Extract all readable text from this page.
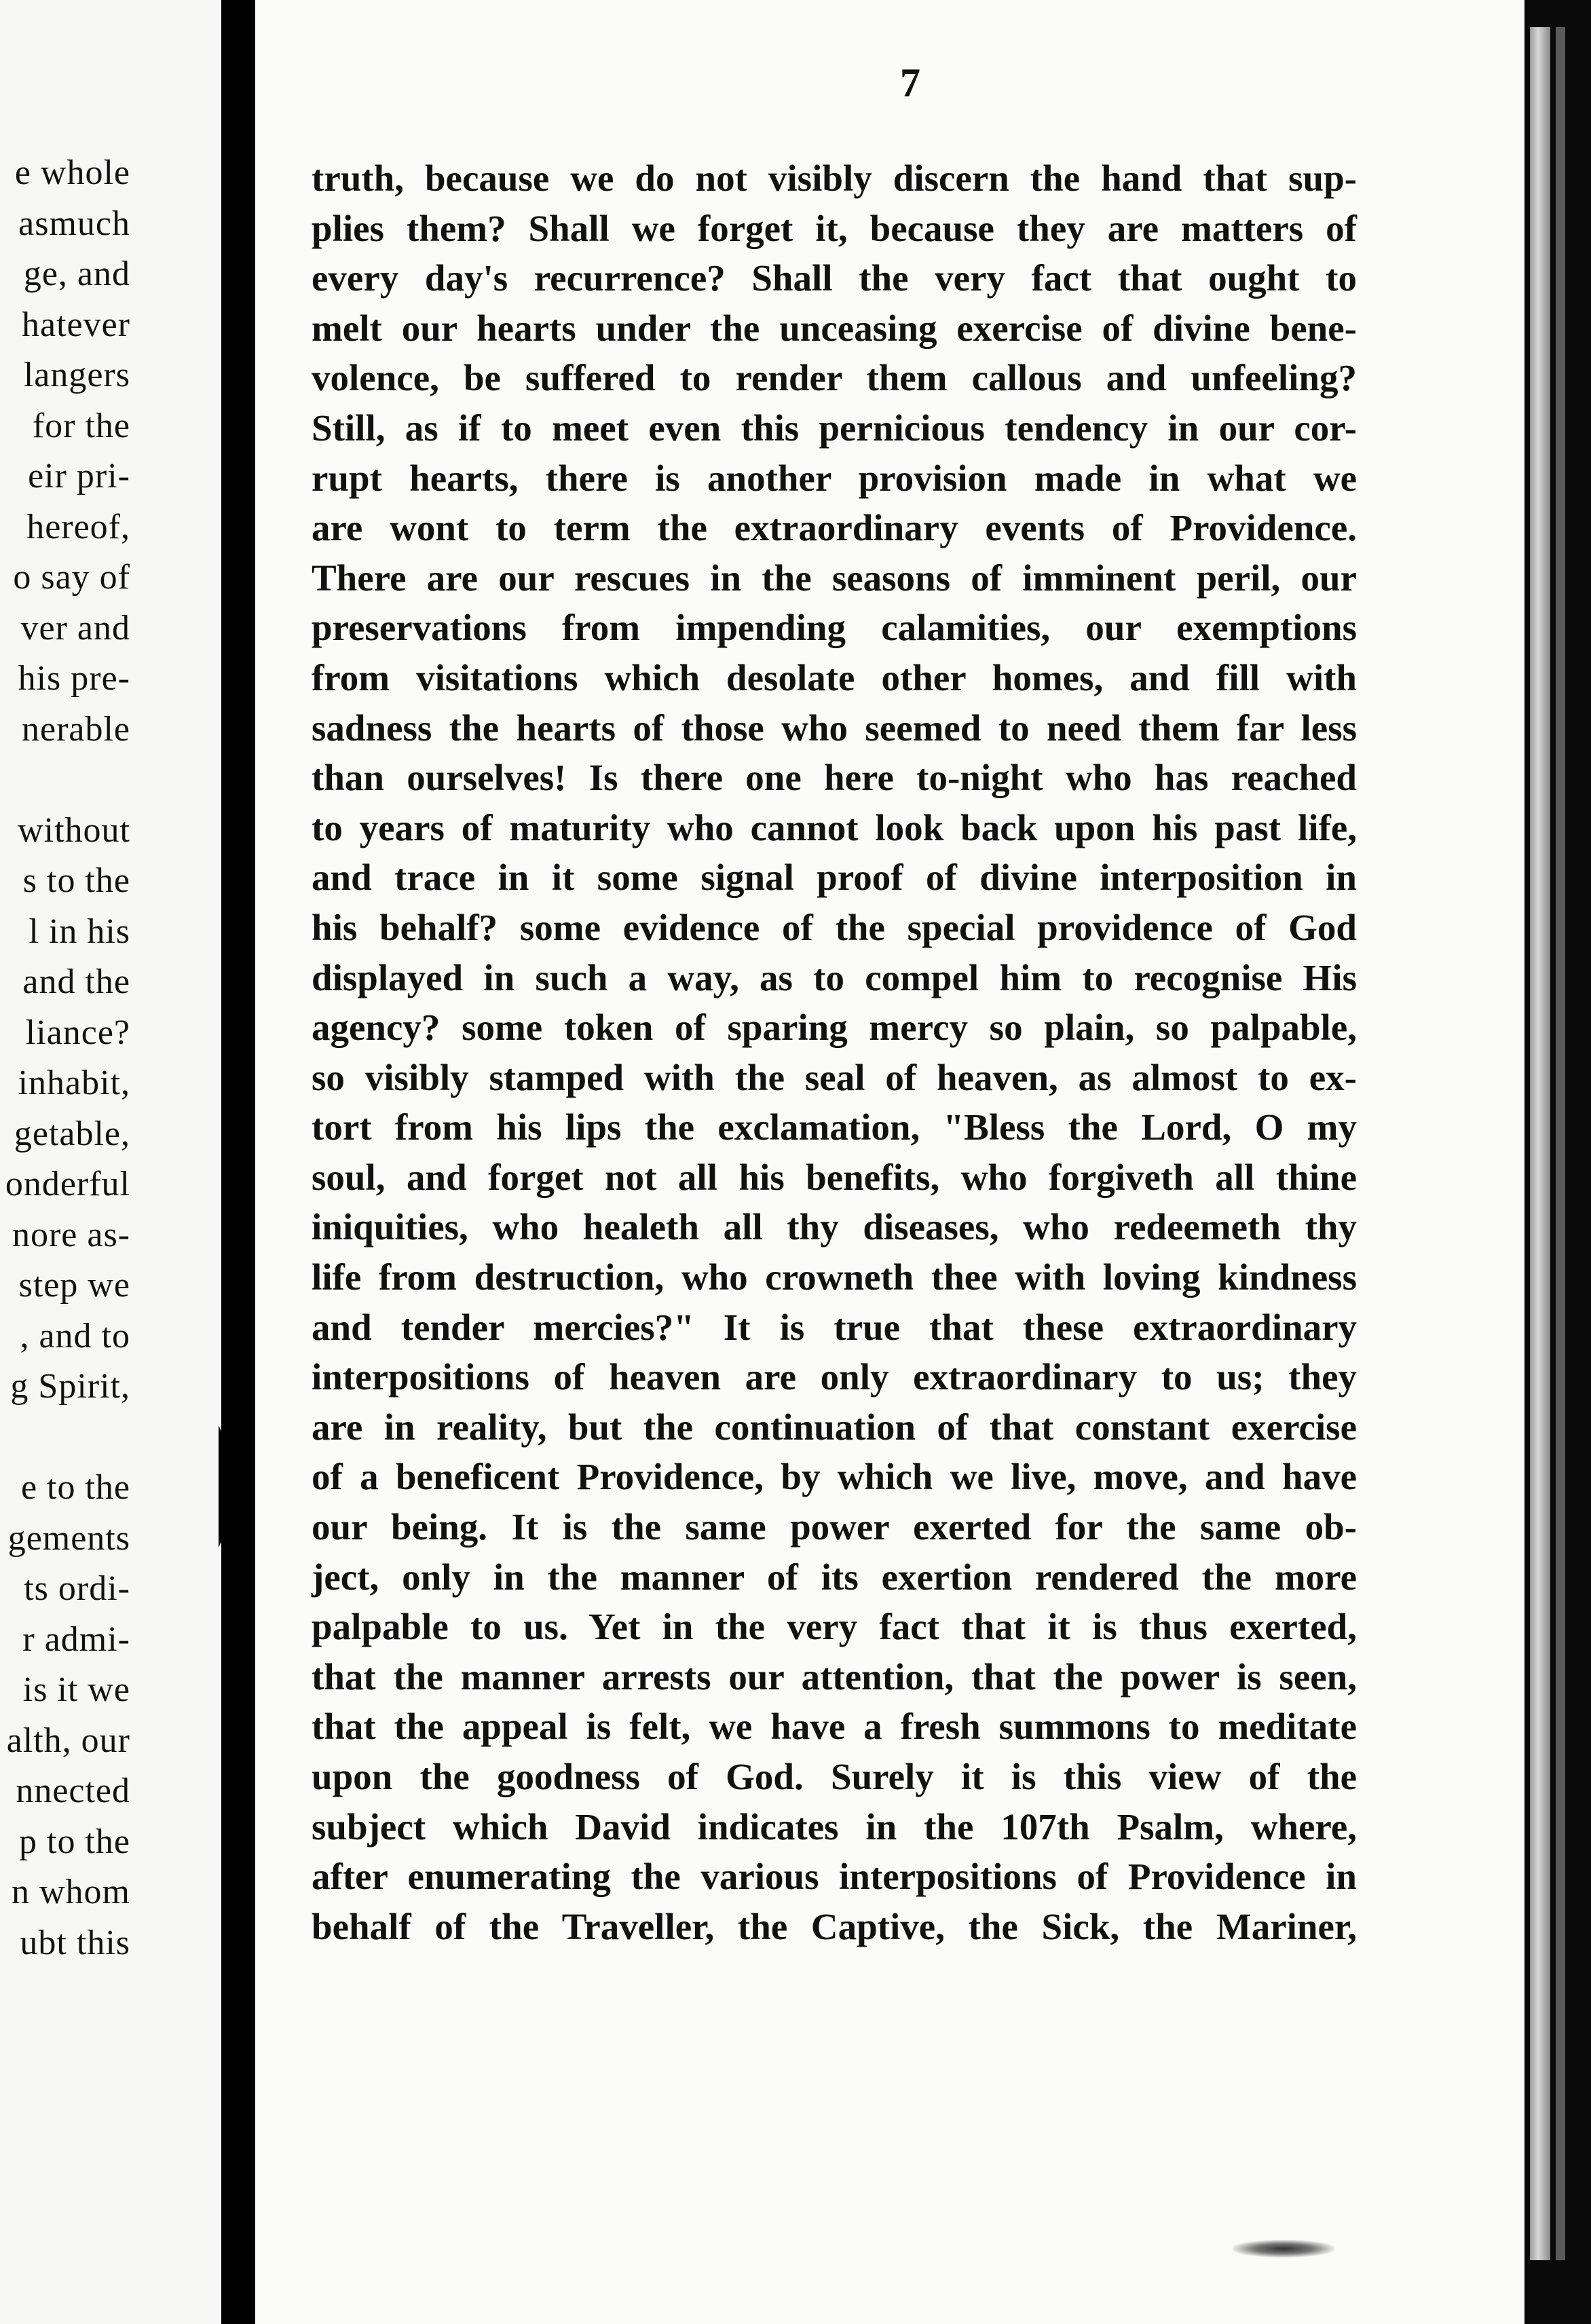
e whole
asmuch
ge, and
hatever
langers
for the
eir pri-
hereof,
o say of
ver and
his pre-
nerable
without
s to the
l in his
and the
liance?
inhabit,
getable,
onderful
nore as-
step we
, and to
g Spirit,
e to the
gements
ts ordi-
r admi-
is it we
alth, our
nnected
p to the
n whom
ubt this
7
truth, because we do not visibly discern the hand that sup-
plies them? Shall we forget it, because they are matters of
every day's recurrence? Shall the very fact that ought to
melt our hearts under the unceasing exercise of divine bene-
volence, be suffered to render them callous and unfeeling?
Still, as if to meet even this pernicious tendency in our cor-
rupt hearts, there is another provision made in what we
are wont to term the extraordinary events of Providence.
There are our rescues in the seasons of imminent peril, our
preservations from impending calamities, our exemptions
from visitations which desolate other homes, and fill with
sadness the hearts of those who seemed to need them far less
than ourselves! Is there one here to-night who has reached
to years of maturity who cannot look back upon his past life,
and trace in it some signal proof of divine interposition in
his behalf? some evidence of the special providence of God
displayed in such a way, as to compel him to recognise His
agency? some token of sparing mercy so plain, so palpable,
so visibly stamped with the seal of heaven, as almost to ex-
tort from his lips the exclamation, "Bless the Lord, O my
soul, and forget not all his benefits, who forgiveth all thine
iniquities, who healeth all thy diseases, who redeemeth thy
life from destruction, who crowneth thee with loving kindness
and tender mercies?" It is true that these extraordinary
interpositions of heaven are only extraordinary to us; they
are in reality, but the continuation of that constant exercise
of a beneficent Providence, by which we live, move, and have
our being. It is the same power exerted for the same ob-
ject, only in the manner of its exertion rendered the more
palpable to us. Yet in the very fact that it is thus exerted,
that the manner arrests our attention, that the power is seen,
that the appeal is felt, we have a fresh summons to meditate
upon the goodness of God. Surely it is this view of the
subject which David indicates in the 107th Psalm, where,
after enumerating the various interpositions of Providence in
behalf of the Traveller, the Captive, the Sick, the Mariner,
